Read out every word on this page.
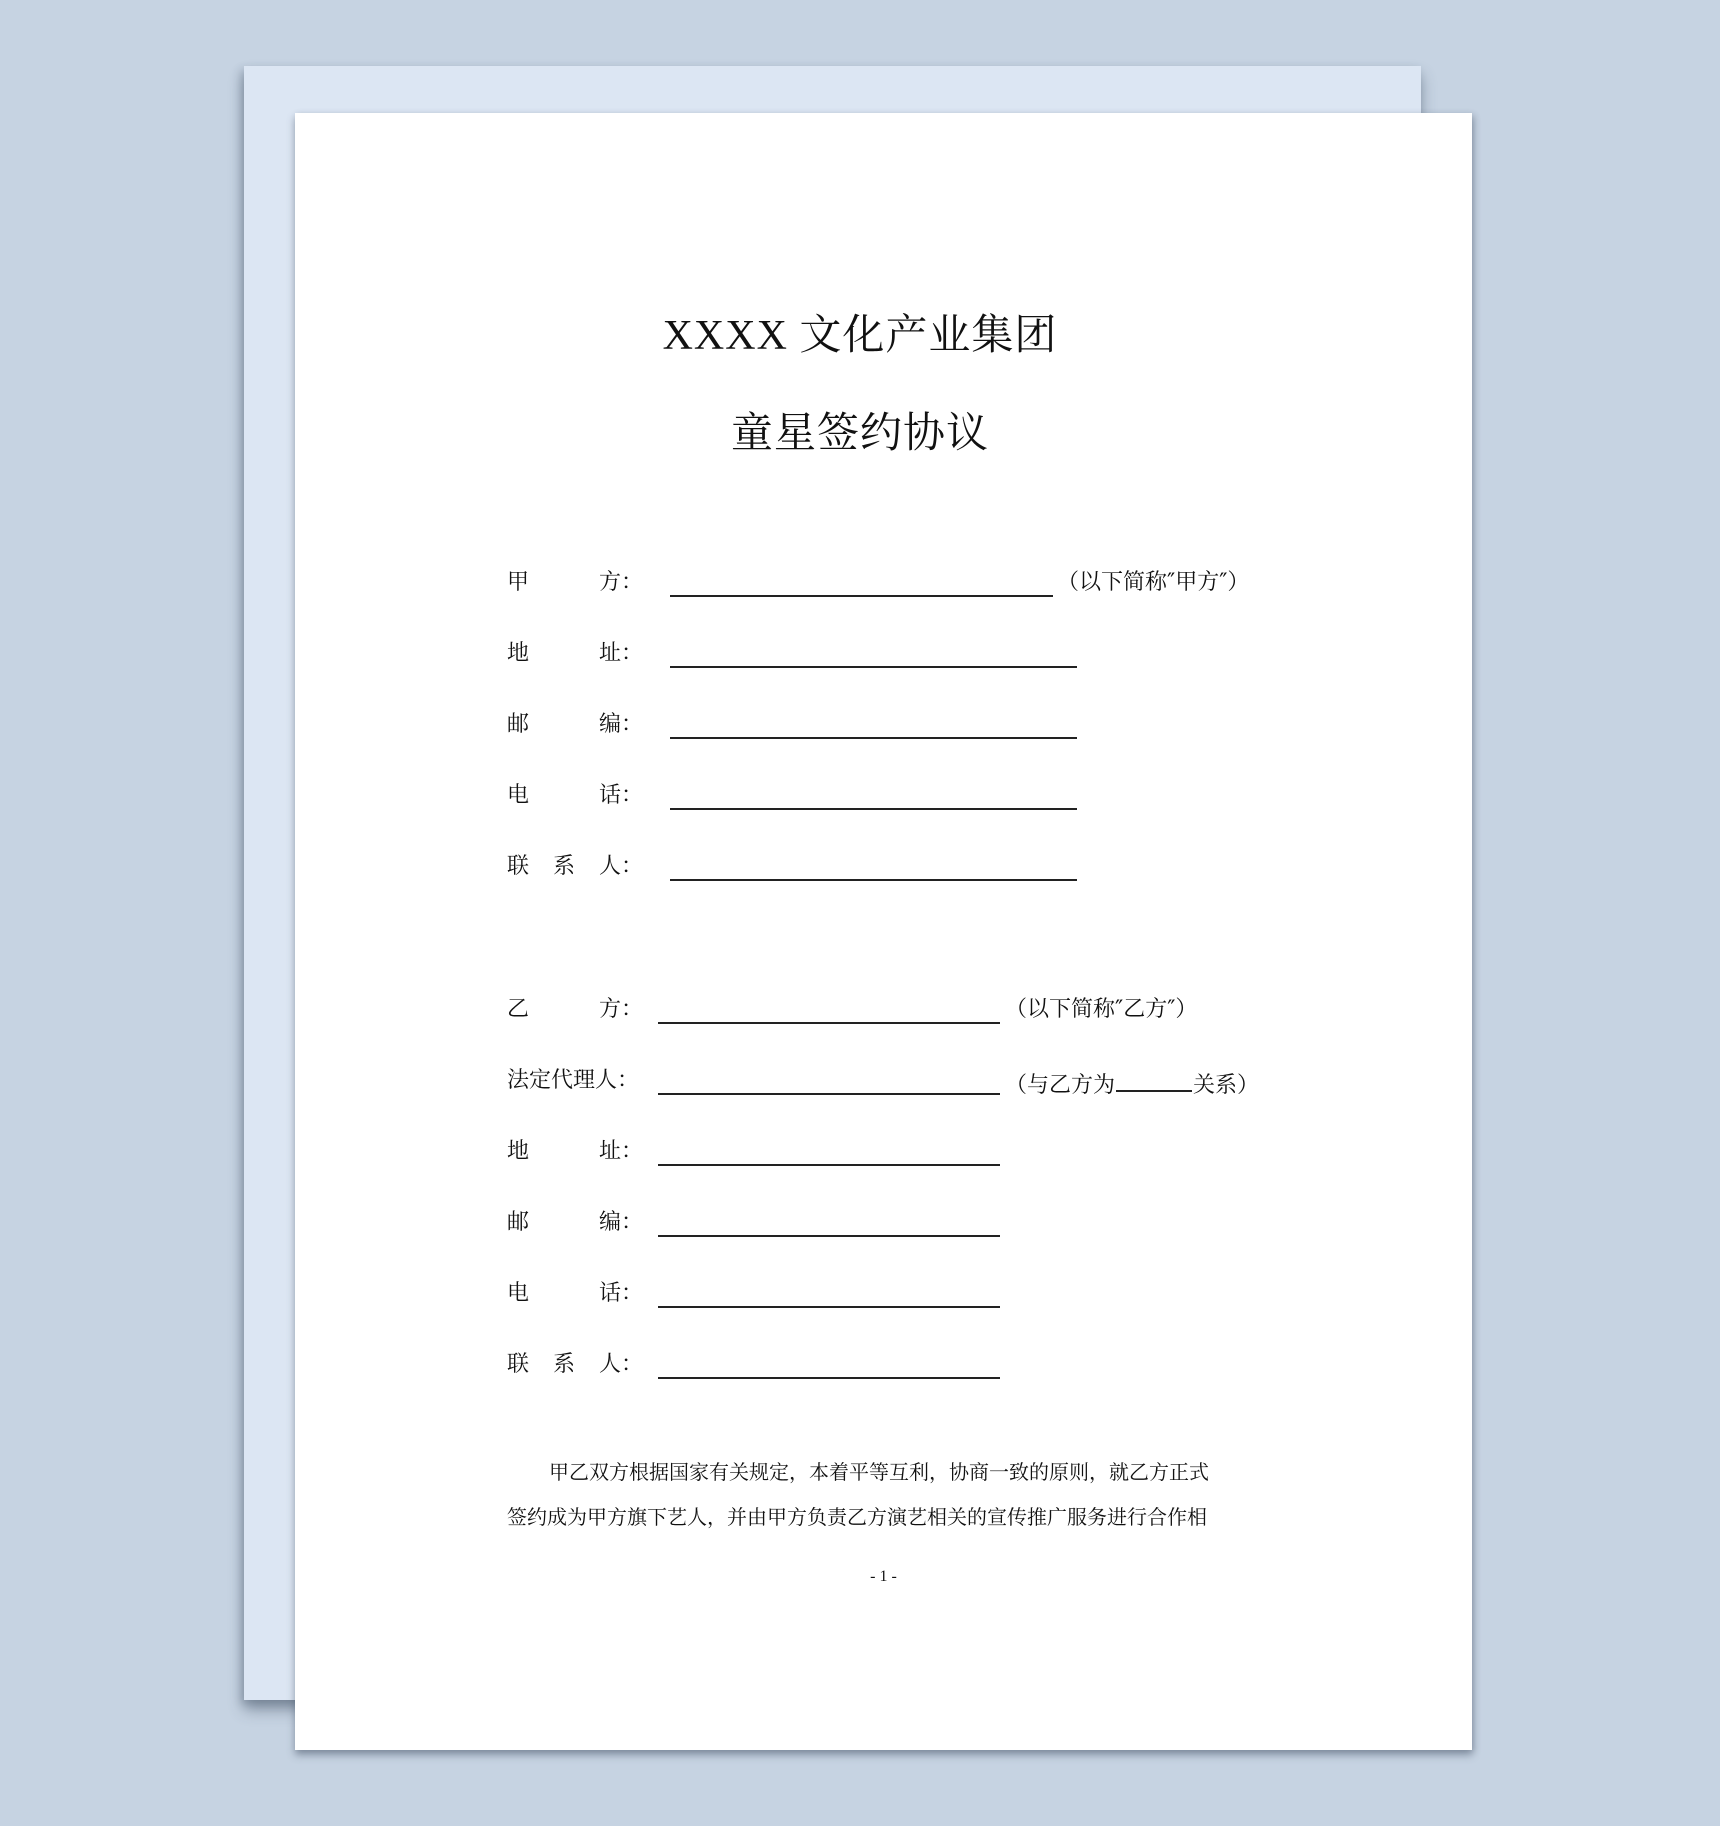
XXXX 文化产业集团
童星签约协议
甲	方：	（以下简称″甲方″）
地	址：
邮	编：
电	话：
联 系 人：
乙	方：	（以下简称″乙方″）
法定代理人：	（与乙方为	关系）
地	址：
邮	编：
电	话：
联 系 人：
甲乙双方根据国家有关规定，本着平等互利，协商一致的原则，就乙方正式
签约成为甲方旗下艺人，并由甲方负责乙方演艺相关的宣传推广服务进行合作相
- 1 -
